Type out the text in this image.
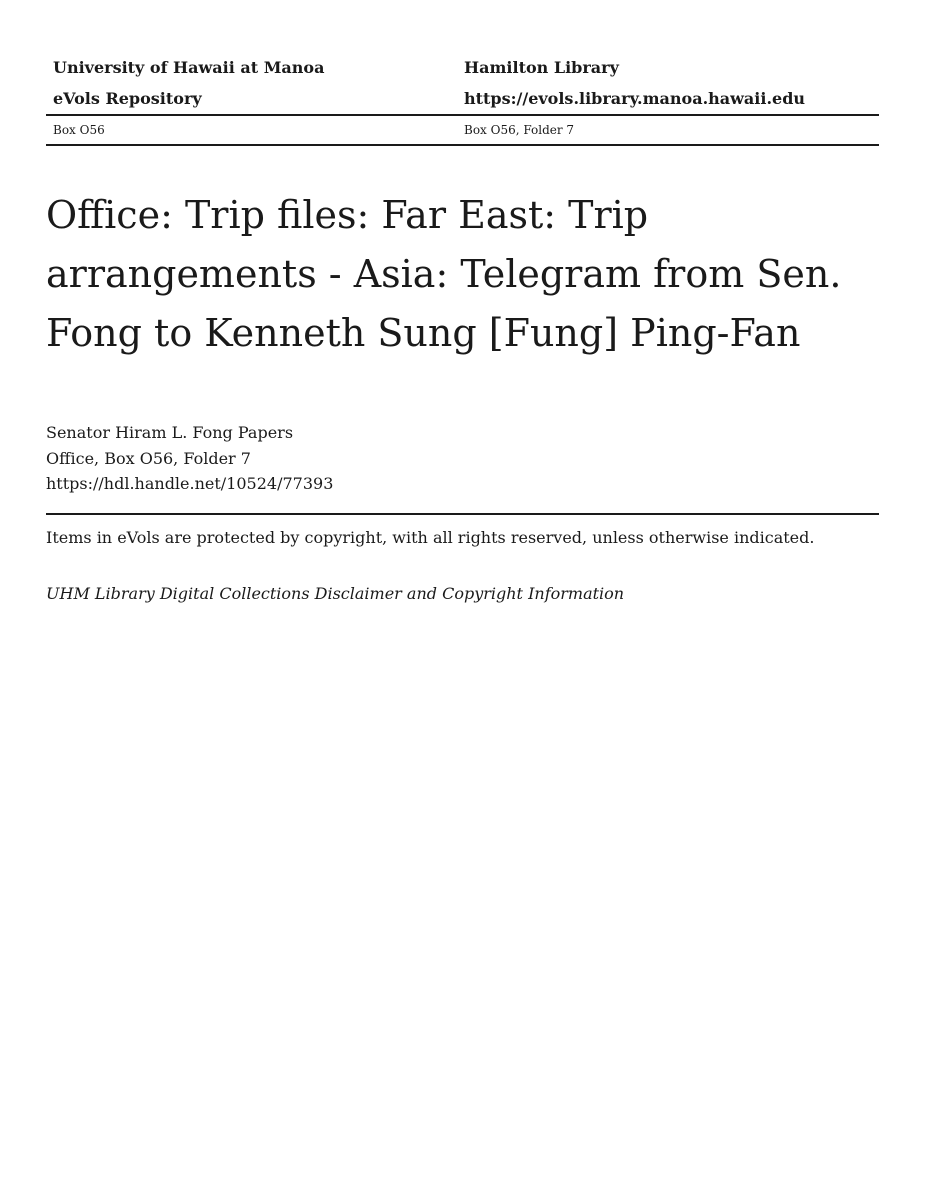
University of Hawaii at Manoa	Hamilton Library
eVols Repository	https://evols.library.manoa.hawaii.edu
Box O56	Box O56, Folder 7
Office: Trip files: Far East: Trip arrangements - Asia: Telegram from Sen. Fong to Kenneth Sung [Fung] Ping-Fan
Senator Hiram L. Fong Papers
Office, Box O56, Folder 7
https://hdl.handle.net/10524/77393
Items in eVols are protected by copyright, with all rights reserved, unless otherwise indicated.
UHM Library Digital Collections Disclaimer and Copyright Information
